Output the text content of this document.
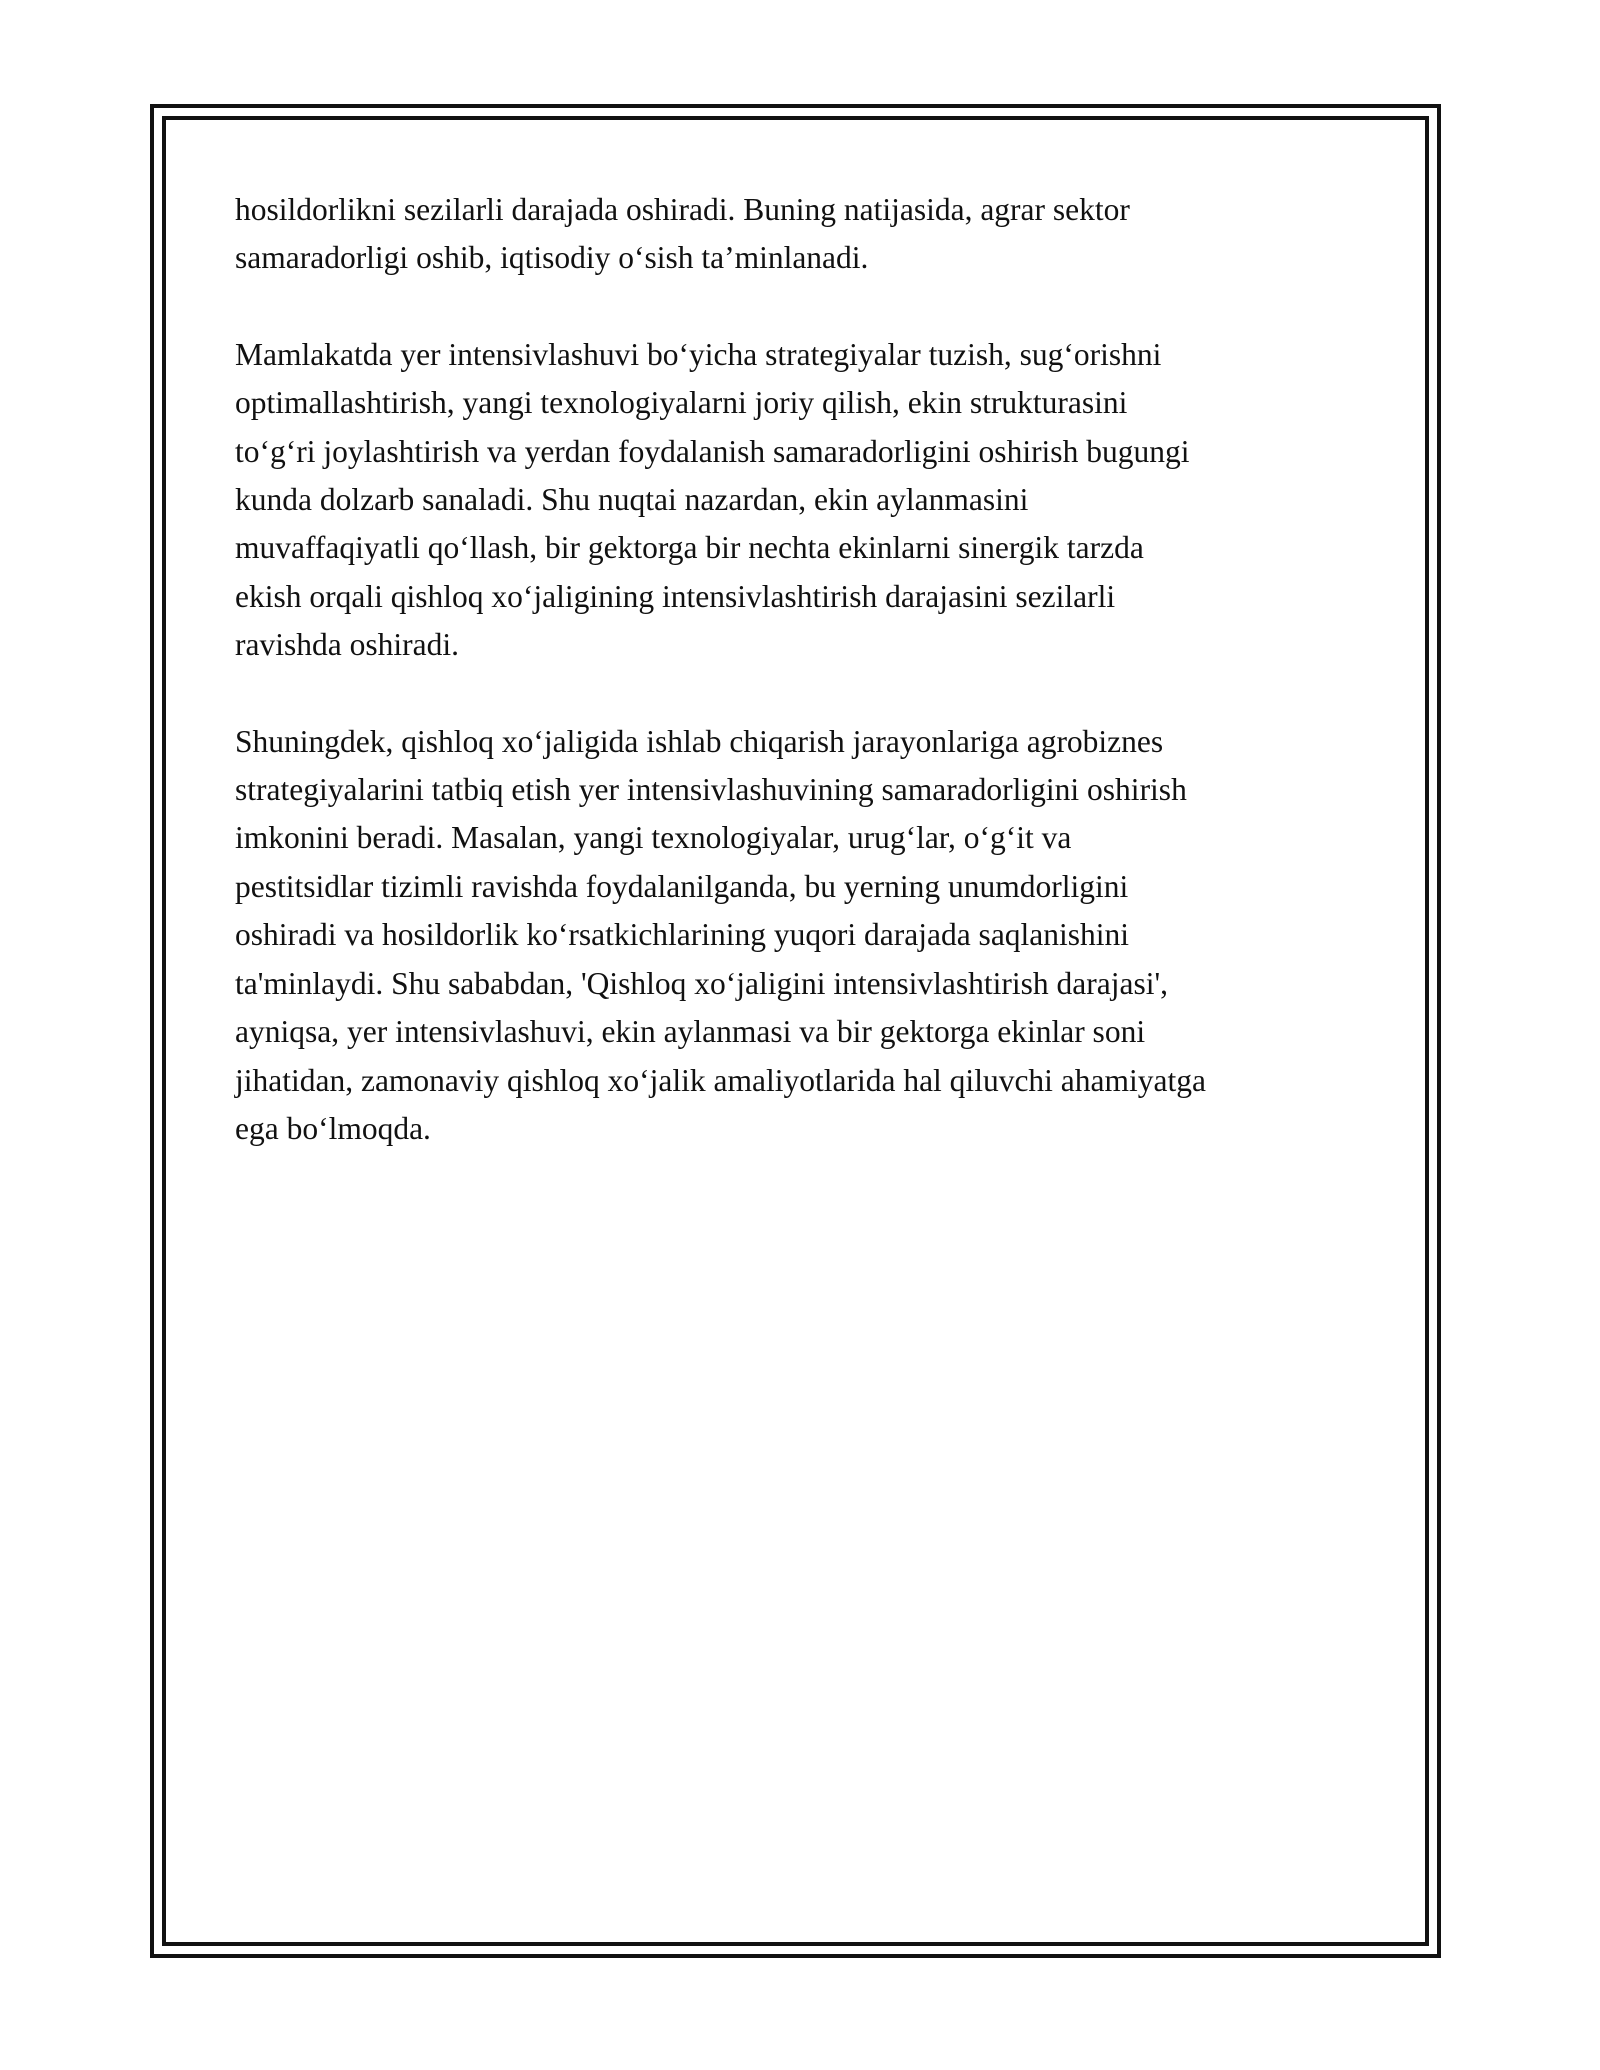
hosildorlikni sezilarli darajada oshiradi. Buning natijasida, agrar sektor
samaradorligi oshib, iqtisodiy o‘sish ta’minlanadi.

Mamlakatda yer intensivlashuvi bo‘yicha strategiyalar tuzish, sug‘orishni
optimallashtirish, yangi texnologiyalarni joriy qilish, ekin strukturasini
to‘g‘ri joylashtirish va yerdan foydalanish samaradorligini oshirish bugungi
kunda dolzarb sanaladi. Shu nuqtai nazardan, ekin aylanmasini
muvaffaqiyatli qo‘llash, bir gektorga bir nechta ekinlarni sinergik tarzda
ekish orqali qishloq xo‘jaligining intensivlashtirish darajasini sezilarli
ravishda oshiradi.

Shuningdek, qishloq xo‘jaligida ishlab chiqarish jarayonlariga agrobiznes
strategiyalarini tatbiq etish yer intensivlashuvining samaradorligini oshirish
imkonini beradi. Masalan, yangi texnologiyalar, urug‘lar, o‘g‘it va
pestitsidlar tizimli ravishda foydalanilganda, bu yerning unumdorligini
oshiradi va hosildorlik ko‘rsatkichlarining yuqori darajada saqlanishini
ta'minlaydi. Shu sababdan, 'Qishloq xo‘jaligini intensivlashtirish darajasi',
ayniqsa, yer intensivlashuvi, ekin aylanmasi va bir gektorga ekinlar soni
jihatidan, zamonaviy qishloq xo‘jalik amaliyotlarida hal qiluvchi ahamiyatga
ega bo‘lmoqda.
